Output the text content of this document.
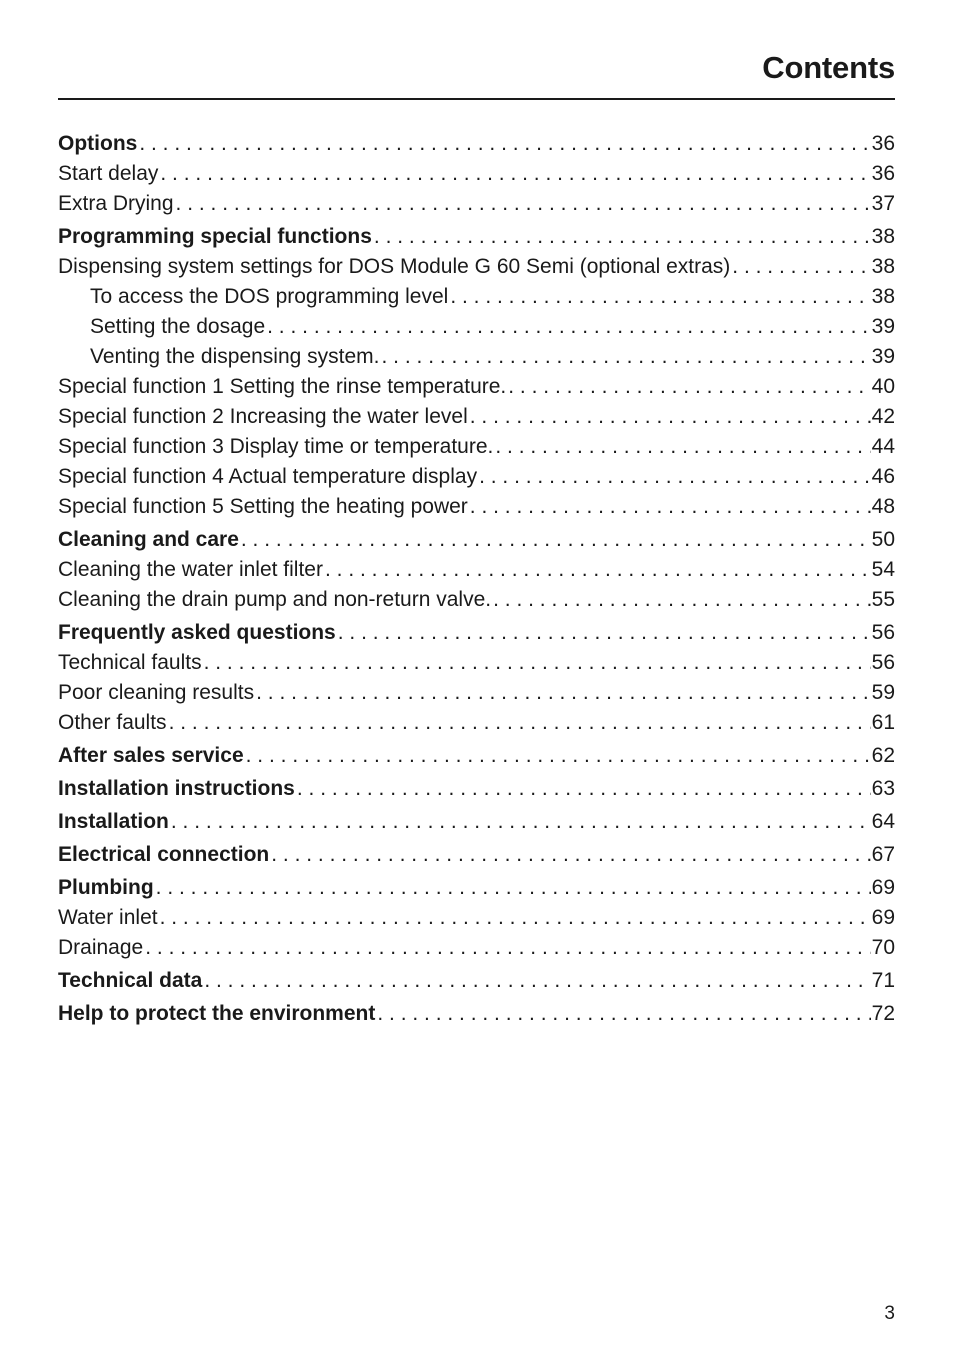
Contents
Options . . .	36
Start delay . . .	36
Extra Drying . . .	37
Programming special functions . . .	38
Dispensing system settings for DOS Module G 60 Semi (optional extras) . . .	38
To access the DOS programming level . . .	38
Setting the dosage . . .	39
Venting the dispensing system. . . .	39
Special function 1 Setting the rinse temperature. . . .	40
Special function 2 Increasing the water level . . .	42
Special function 3 Display time or temperature. . . .	44
Special function 4 Actual temperature display . . .	46
Special function 5 Setting the heating power . . .	48
Cleaning and care . . .	50
Cleaning the water inlet filter . . .	54
Cleaning the drain pump and non-return valve. . . .	55
Frequently asked questions . . .	56
Technical faults . . .	56
Poor cleaning results . . .	59
Other faults . . .	61
After sales service . . .	62
Installation instructions . . .	63
Installation . . .	64
Electrical connection . . .	67
Plumbing . . .	69
Water inlet . . .	69
Drainage . . .	70
Technical data . . .	71
Help to protect the environment . . .	72
3
